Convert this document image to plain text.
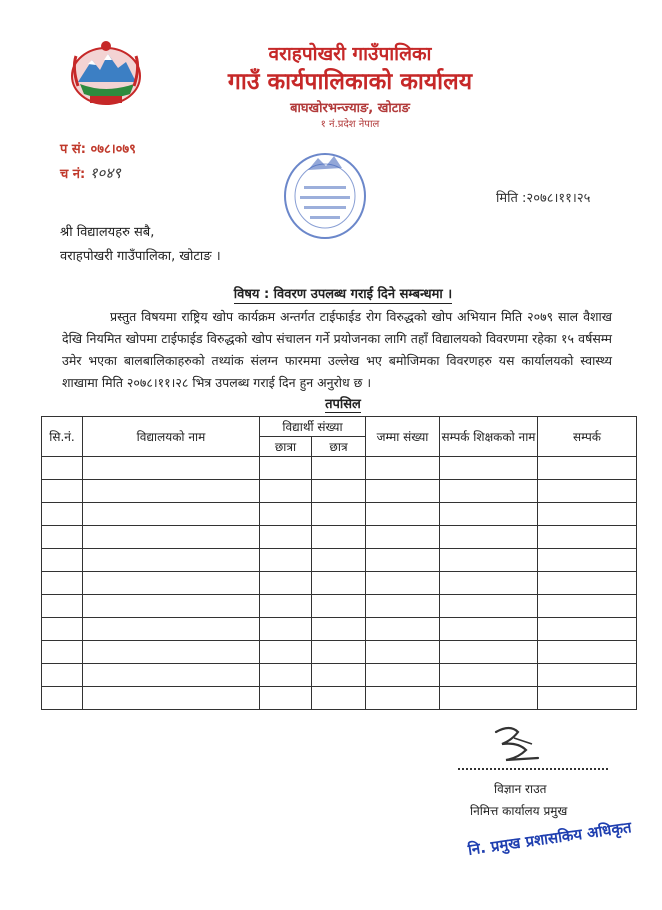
वराहपोखरी गाउँपालिका
गाउँ कार्यपालिकाको कार्यालय
बाघखोरभन्ज्याङ, खोटाङ
१ नं.प्रदेश नेपाल
प सं: ०७८।०७९
च नं: १०४९
मिति :२०७८।११।२५
श्री विद्यालयहरु सबै,
वराहपोखरी गाउँपालिका, खोटाङ ।
विषय : विवरण उपलब्ध गराई दिने सम्बन्धमा ।
प्रस्तुत विषयमा राष्ट्रिय खोप कार्यक्रम अन्तर्गत टाईफाईड रोग विरुद्धको खोप अभियान मिति २०७९ साल वैशाख देखि नियमित खोपमा टाईफाईड विरुद्धको खोप संचालन गर्ने प्रयोजनका लागि तहाँ विद्यालयको विवरणमा रहेका १५ वर्षसम्म उमेर भएका बालबालिकाहरुको तथ्यांक संलग्न फारममा उल्लेख भए बमोजिमका विवरणहरु यस कार्यालयको स्वास्थ्य शाखामा मिति २०७८।११।२८ भित्र उपलब्ध गराई दिन हुन अनुरोध छ ।
तपसिल
सि.नं.	विद्यालयको नाम	विद्यार्थी संख्या		जम्मा संख्या	सम्पर्क शिक्षकको नाम	सम्पर्क
		छात्रा	छात्र			

विज्ञान राउत
निमित्त कार्यालय प्रमुख
नि. प्रमुख प्रशासकिय अधिकृत
